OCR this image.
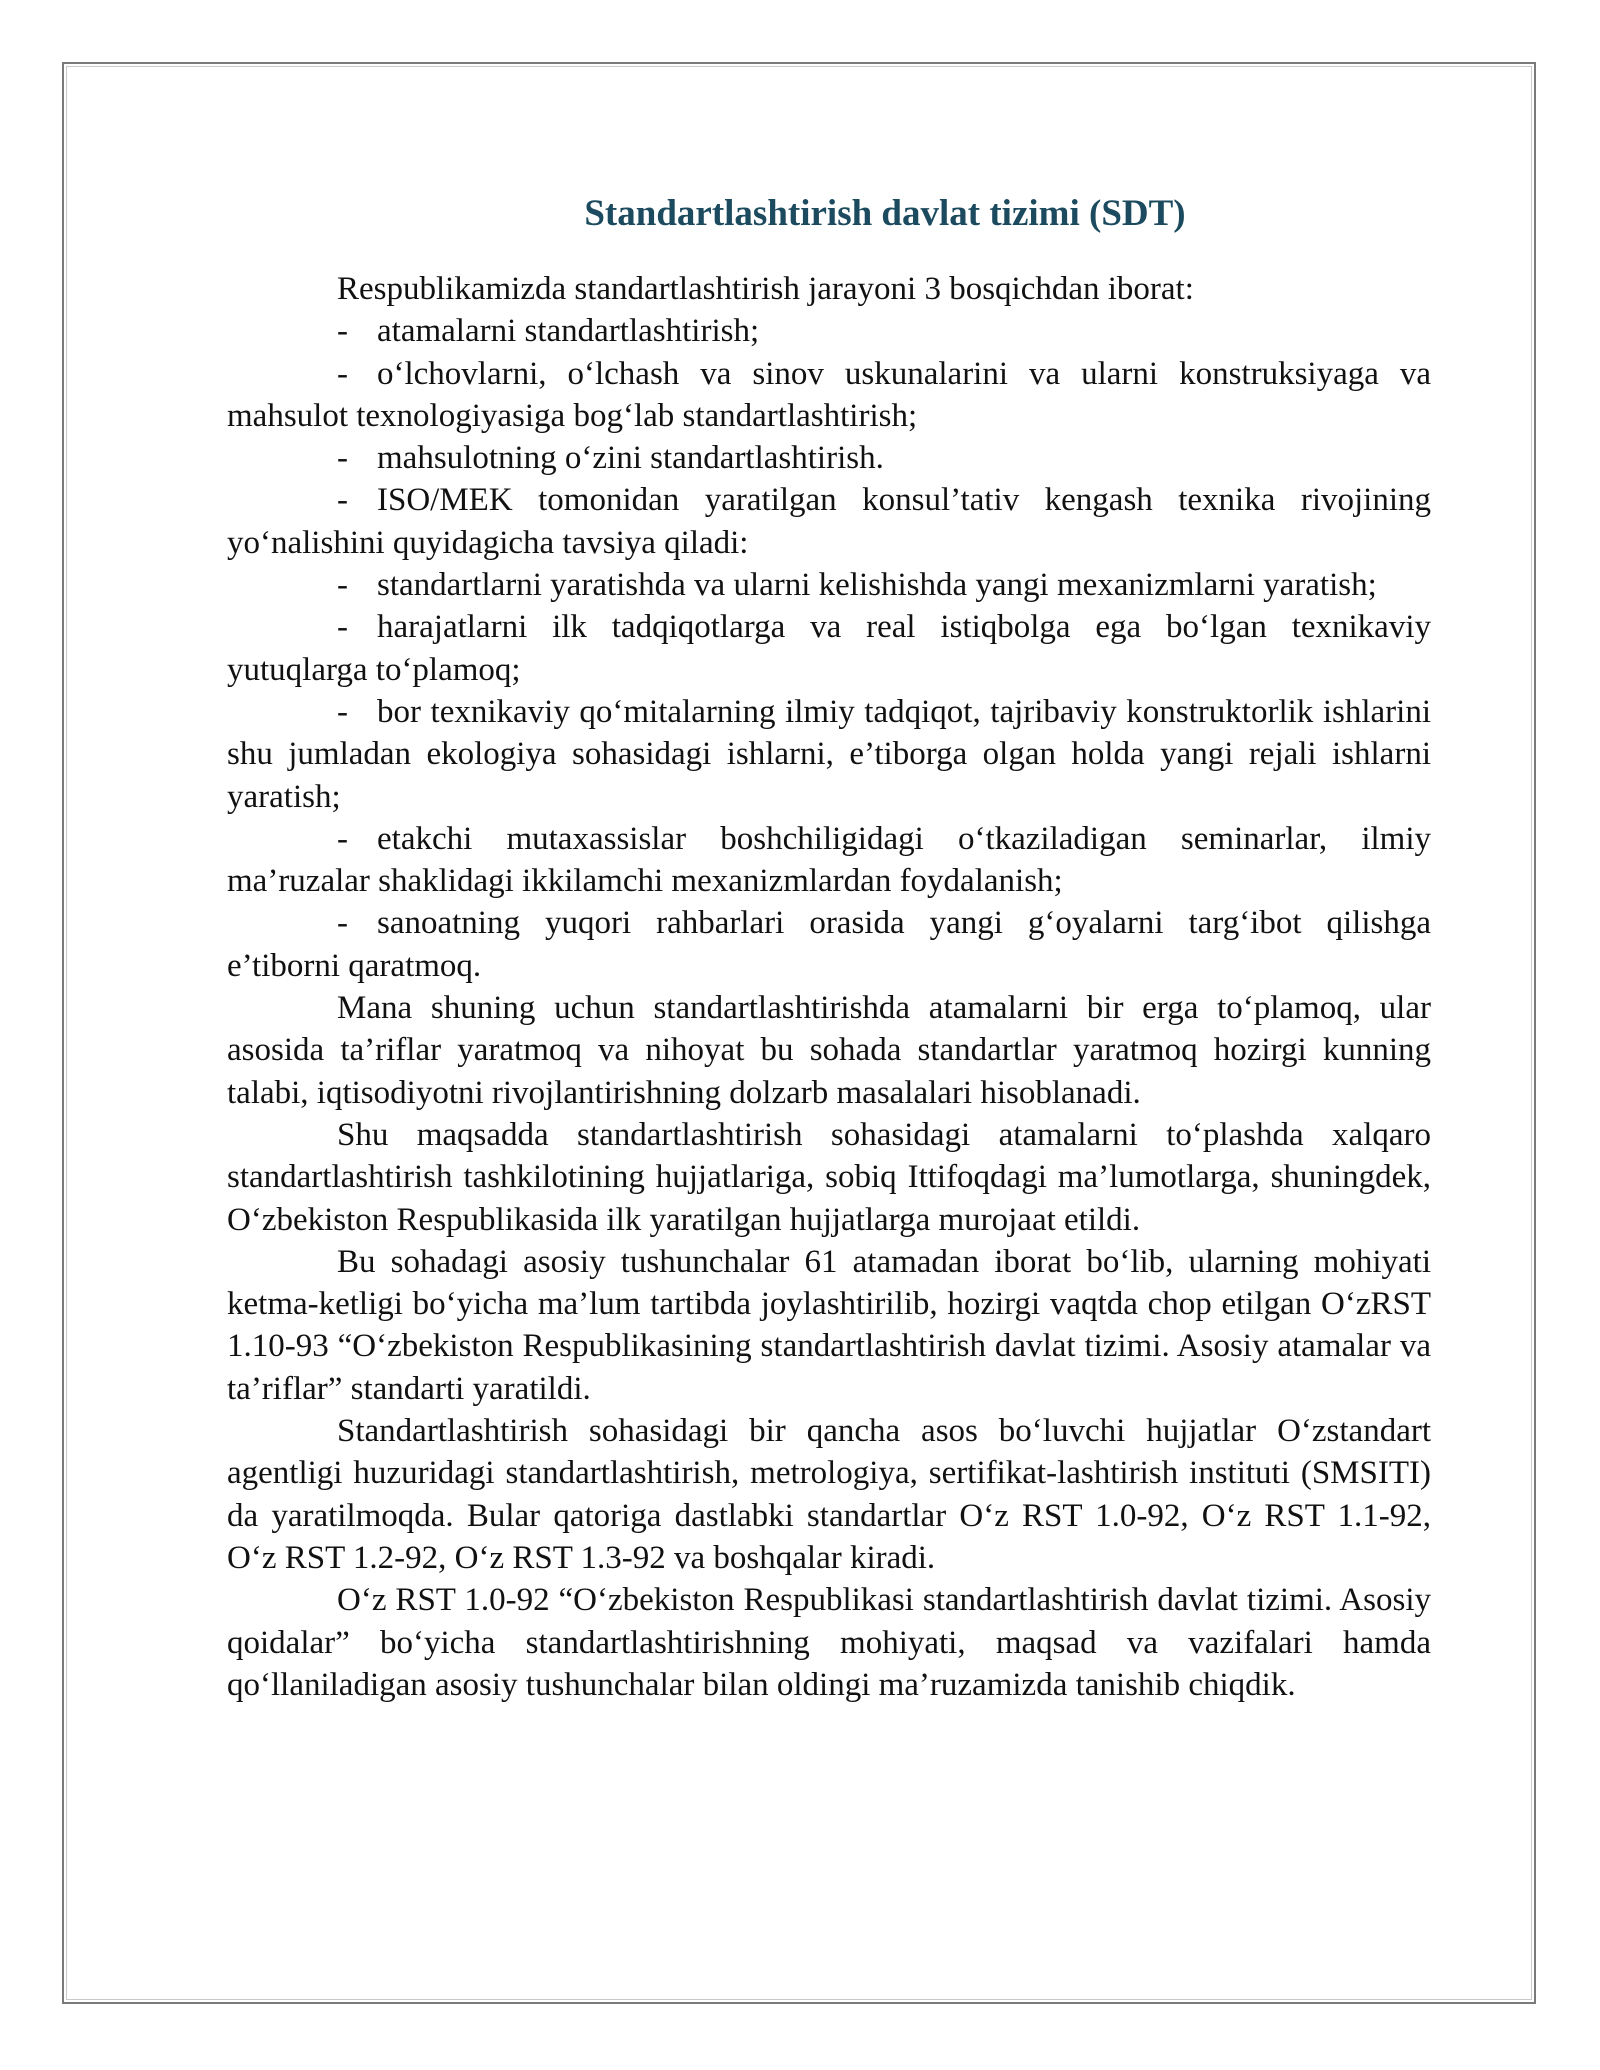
Standartlashtirish davlat tizimi (SDT)

Respublikamizda standartlashtirish jarayoni 3 bosqichdan iborat:

- atamalarni standartlashtirish;

- o‘lchovlarni, o‘lchash va sinov uskunalarini va ularni konstruksiyaga va mahsulot texnologiyasiga bog‘lab standartlashtirish;

- mahsulotning o‘zini standartlashtirish.

- ISO/MEK tomonidan yaratilgan konsul’tativ kengash texnika rivojining yo‘nalishini quyidagicha tavsiya qiladi:

- standartlarni yaratishda va ularni kelishishda yangi mexanizmlarni yaratish;

- harajatlarni ilk tadqiqotlarga va real istiqbolga ega bo‘lgan texnikaviy yutuqlarga to‘plamoq;

- bor texnikaviy qo‘mitalarning ilmiy tadqiqot, tajribaviy konstruktorlik ishlarini shu jumladan ekologiya sohasidagi ishlarni, e’tiborga olgan holda yangi rejali ishlarni yaratish;

- etakchi mutaxassislar boshchiligidagi o‘tkaziladigan seminarlar, ilmiy ma’ruzalar shaklidagi ikkilamchi mexanizmlardan foydalanish;

- sanoatning yuqori rahbarlari orasida yangi g‘oyalarni targ‘ibot qilishga e’tiborni qaratmoq.

Mana shuning uchun standartlashtirishda atamalarni bir erga to‘plamoq, ular asosida ta’riflar yaratmoq va nihoyat bu sohada standartlar yaratmoq hozirgi kunning talabi, iqtisodiyotni rivojlantirishning dolzarb masalalari hisoblanadi.

Shu maqsadda standartlashtirish sohasidagi atamalarni to‘plashda xalqaro standartlashtirish tashkilotining hujjatlariga, sobiq Ittifoqdagi ma’lumotlarga, shuningdek, O‘zbekiston Respublikasida ilk yaratilgan hujjatlarga murojaat etildi.

Bu sohadagi asosiy tushunchalar 61 atamadan iborat bo‘lib, ularning mohiyati ketma-ketligi bo‘yicha ma’lum tartibda joylashtirilib, hozirgi vaqtda chop etilgan O‘zRST 1.10-93 “O‘zbekiston Respublikasining standartlashtirish davlat tizimi. Asosiy atamalar va ta’riflar” standarti yaratildi.

Standartlashtirish sohasidagi bir qancha asos bo‘luvchi hujjatlar O‘zstandart agentligi huzuridagi standartlashtirish, metrologiya, sertifikat-lashtirish instituti (SMSITI) da yaratilmoqda. Bular qatoriga dastlabki standartlar O‘z RST 1.0-92, O‘z RST 1.1-92, O‘z RST 1.2-92, O‘z RST 1.3-92 va boshqalar kiradi.

O‘z RST 1.0-92 “O‘zbekiston Respublikasi standartlashtirish davlat tizimi. Asosiy qoidalar” bo‘yicha standartlashtirishning mohiyati, maqsad va vazifalari hamda qo‘llaniladigan asosiy tushunchalar bilan oldingi ma’ruzamizda tanishib chiqdik.
